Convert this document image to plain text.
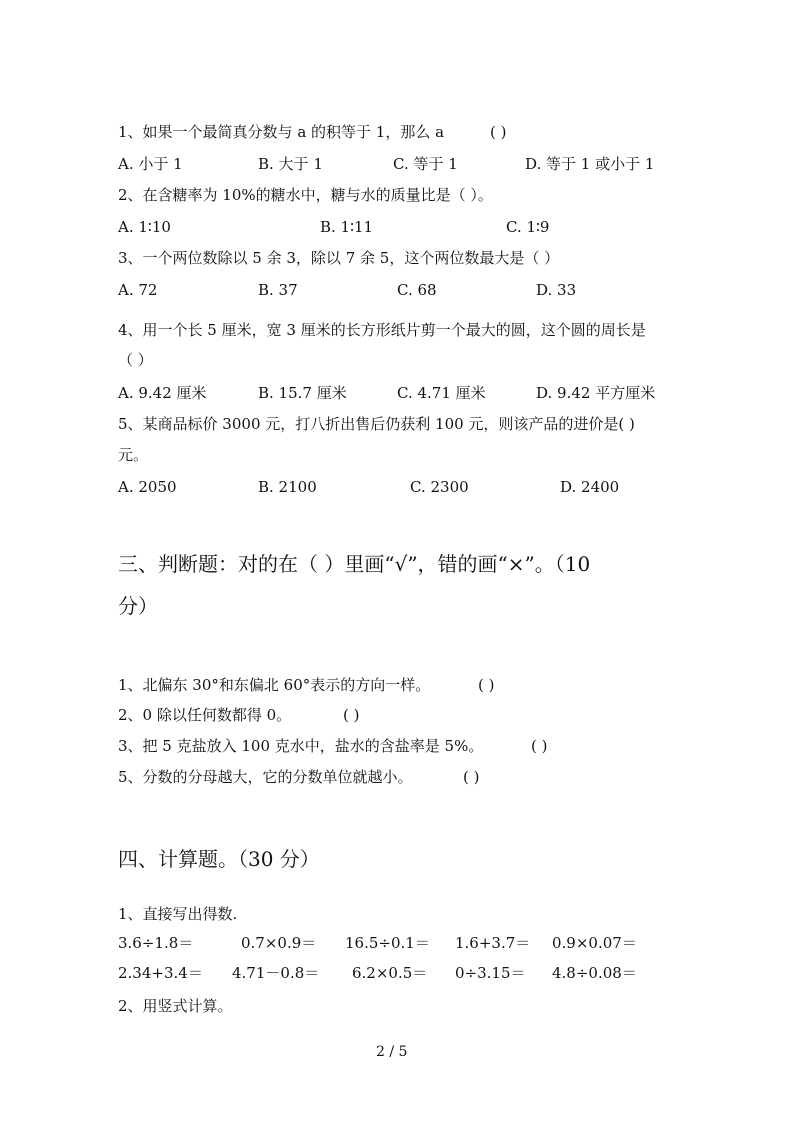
1、如果一个最简真分数与 a 的积等于 1，那么 a	( )
A. 小于 1	B. 大于 1	C. 等于 1	D. 等于 1 或小于 1
2、在含糖率为 10%的糖水中，糖与水的质量比是（ ）。
A. 1∶10	B. 1∶11	C. 1∶9
3、一个两位数除以 5 余 3，除以 7 余 5，这个两位数最大是（ ）
A. 72	B. 37	C. 68	D. 33
4、用一个长 5 厘米，宽 3 厘米的长方形纸片剪一个最大的圆，这个圆的周长是
（ ）
A. 9.42 厘米	B. 15.7 厘米	C. 4.71 厘米	D. 9.42 平方厘米
5、某商品标价 3000 元，打八折出售后仍获利 100 元，则该产品的进价是( )
元。
A. 2050	B. 2100	C. 2300	D. 2400
三、判断题：对的在（ ）里画“√”，错的画“×”。（10
分）
1、北偏东 30°和东偏北 60°表示的方向一样。	( )
2、0 除以任何数都得 0。	( )
3、把 5 克盐放入 100 克水中，盐水的含盐率是 5%。	( )
5、分数的分母越大，它的分数单位就越小。	( )
四、计算题。（30 分）
1、直接写出得数.
3.6÷1.8＝	0.7×0.9＝ 16.5÷0.1＝ 1.6+3.7＝ 0.9×0.07＝
2.34+3.4＝ 4.71－0.8＝ 6.2×0.5＝ 0÷3.15＝ 4.8÷0.08＝
2、用竖式计算。
2 / 5
